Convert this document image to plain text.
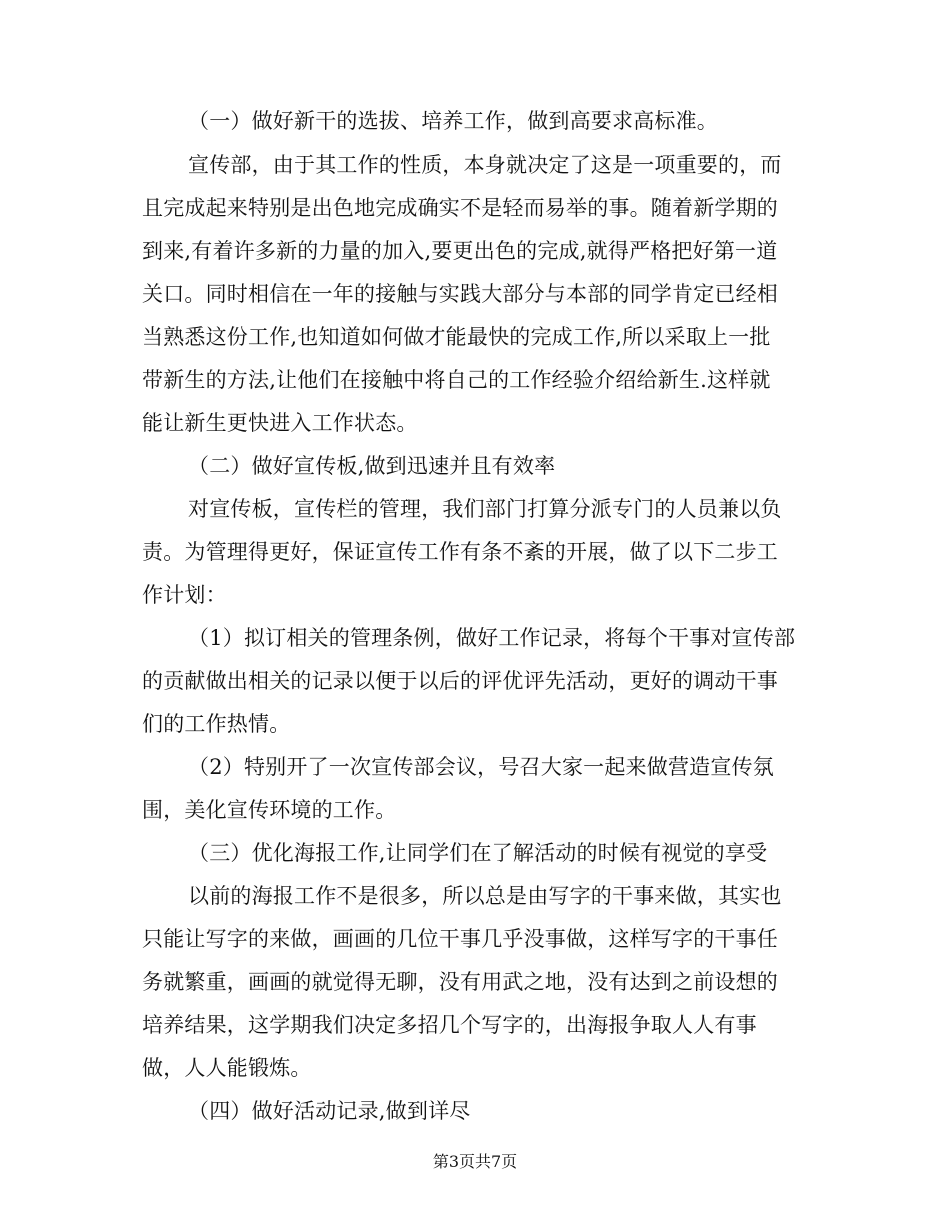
（一）做好新干的选拔、培养工作，做到高要求高标准。
宣传部，由于其工作的性质，本身就决定了这是一项重要的，而
且完成起来特别是出色地完成确实不是轻而易举的事。随着新学期的
到来,有着许多新的力量的加入,要更出色的完成,就得严格把好第一道
关口。同时相信在一年的接触与实践大部分与本部的同学肯定已经相
当熟悉这份工作,也知道如何做才能最快的完成工作,所以采取上一批
带新生的方法,让他们在接触中将自己的工作经验介绍给新生.这样就
能让新生更快进入工作状态。
（二）做好宣传板,做到迅速并且有效率
对宣传板，宣传栏的管理，我们部门打算分派专门的人员兼以负
责。为管理得更好，保证宣传工作有条不紊的开展，做了以下二步工
作计划：
（1）拟订相关的管理条例，做好工作记录，将每个干事对宣传部
的贡献做出相关的记录以便于以后的评优评先活动，更好的调动干事
们的工作热情。
（2）特别开了一次宣传部会议，号召大家一起来做营造宣传氛
围，美化宣传环境的工作。
（三）优化海报工作,让同学们在了解活动的时候有视觉的享受
以前的海报工作不是很多，所以总是由写字的干事来做，其实也
只能让写字的来做，画画的几位干事几乎没事做，这样写字的干事任
务就繁重，画画的就觉得无聊，没有用武之地，没有达到之前设想的
培养结果，这学期我们决定多招几个写字的，出海报争取人人有事
做，人人能锻炼。
（四）做好活动记录,做到详尽
第3页共7页
